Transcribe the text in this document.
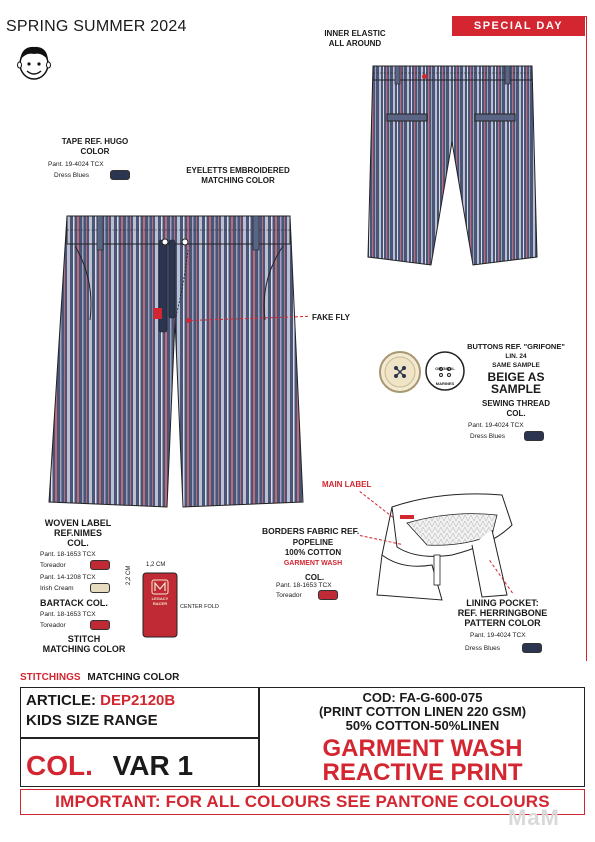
SPRING SUMMER 2024	SPECIAL DAY
INNER ELASTIC
ALL AROUND
TAPE REF. HUGO
COLOR
Pant. 19-4024 TCX
Dress Blues
EYELETTS EMBROIDERED
MATCHING COLOR
FAKE FLY
BUTTONS REF. "GRIFONE"
LIN. 24
SAME SAMPLE
BEIGE AS
SAMPLE
SEWING THREAD
COL.
Pant. 19-4024 TCX
Dress Blues
ORIGINAL
MARINES
MAIN LABEL
WOVEN LABEL
REF.NIMES
COL.
Pant. 18-1653 TCX
Toreador
Pant. 14-1208 TCX
Irish Cream
BARTACK COL.
Pant. 18-1653 TCX
Toreador
STITCH
MATCHING COLOR
1,2 CM
2,2 CM
LEGACY
RACER
CENTER FOLD
BORDERS FABRIC REF.
POPELINE
100% COTTON
GARMENT WASH
COL.
Pant. 18-1653 TCX
Toreador
LINING POCKET:
REF. HERRINGBONE
PATTERN COLOR
Pant. 19-4024 TCX
Dress Blues
STITCHINGS MATCHING COLOR
ARTICLE: DEP2120B
KIDS SIZE RANGE
COL. VAR 1
COD: FA-G-600-075
(PRINT COTTON LINEN 220 GSM)
50% COTTON-50%LINEN
GARMENT WASH
REACTIVE PRINT
IMPORTANT: FOR ALL COLOURS SEE PANTONE COLOURS
MaM
